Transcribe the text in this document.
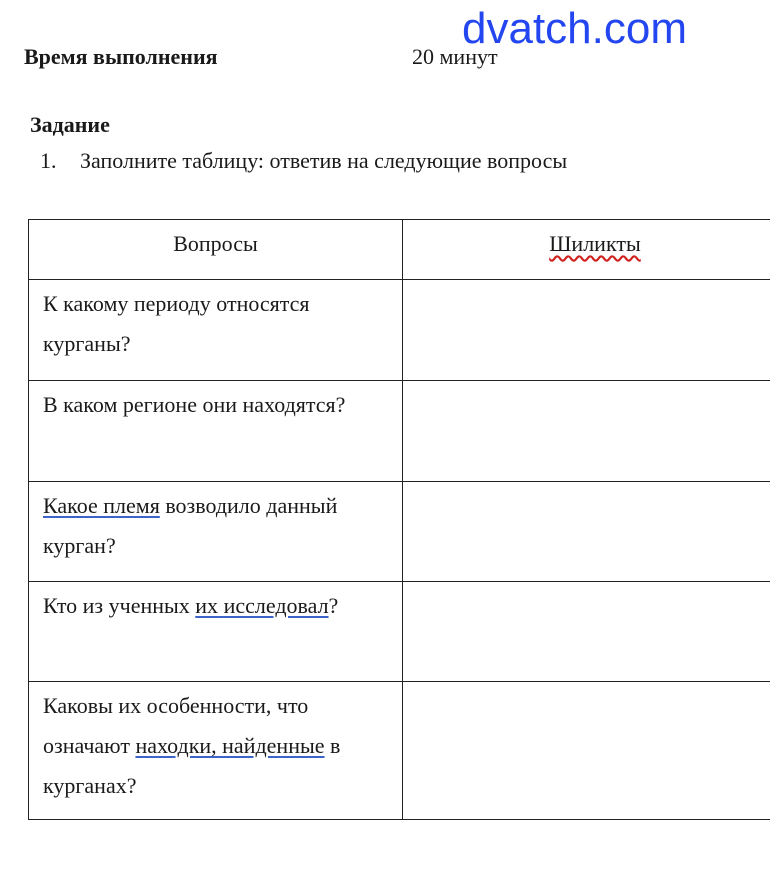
dvatch.com
Время выполнения	20 минут
Задание
1. Заполните таблицу: ответив на следующие вопросы
Вопросы	Шиликты
К какому периоду относятся курганы?	
В каком регионе они находятся?	
Какое племя возводило данный курган?	
Кто из ученных их исследовал?	
Каковы их особенности, что означают находки, найденные в курганах?	
